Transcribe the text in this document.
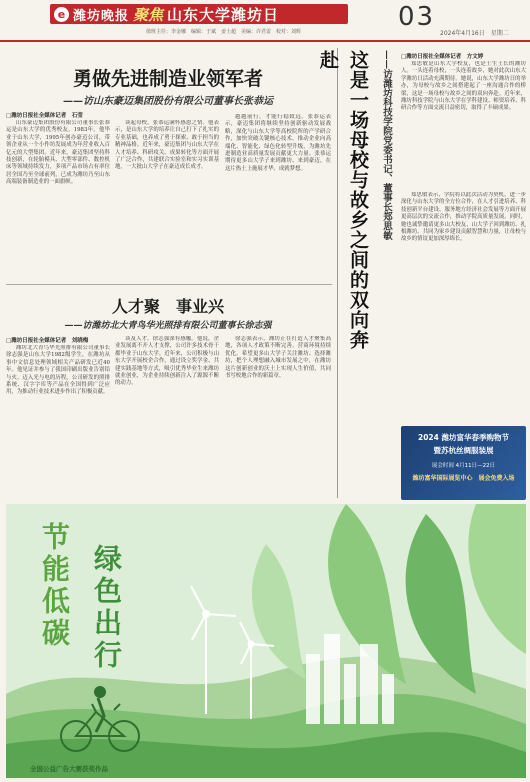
e 潍坊晚报 聚焦 山东大学潍坊日
值班主任：李金娜　编辑：于斌　姜士超　美编：许君雷　校对：刘辉	03
2024年4月16日　星期二
勇做先进制造业领军者
——访山东豪迈集团股份有限公司董事长张恭运
□潍坊日报社全媒体记者　石莹

山东豪迈集团股份有限公司董事长张恭运是山东大学的优秀校友。1983年，他毕业于山东大学，1995年创办豪迈公司，带领企业从一个小作坊发展成为年营业收入百亿元的大型集团。近年来，豪迈集团坚持科技创新，在轮胎模具、大型零部件、数控机床等领域持续发力，多项产品市场占有率位居全国乃至全球前列，已成为潍坊乃至山东高端装备制造业的一面旗帜。

谈起母校，张恭运满怀感恩之情。他表示，是山东大学的培养让自己打下了扎实的专业基础，也养成了勇于探索、敢于担当的精神品格。近年来，豪迈集团与山东大学在人才培养、科研攻关、成果转化等方面开展了广泛合作，共建联合实验室和实习实训基地，一大批山大学子在豪迈成长成才。

越越前行，才能行稳致远。张恭运表示，豪迈集团将继续坚持创新驱动发展战略，深化与山东大学等高校院所的产学研合作，加快突破关键核心技术，推动企业向高端化、智能化、绿色化转型升级，为潍坊先进制造业高质量发展贡献更大力量。张恭运期待更多山大学子来到潍坊、来到豪迈，在这片热土上施展才华、成就梦想。

人才聚　事业兴
——访潍坊北大青鸟华光照排有限公司董事长徐志强
□潍坊日报社全媒体记者　刘晓梅

潍坊北大青鸟华光照排有限公司董事长徐志强是山东大学1982级学生，在潍坊从事中文信息处理领域相关产品研发已近40年。他见证并参与了我国印刷出版业告别铅与火、迈入光与电的历程，公司研发的照排系统、汉字字库等产品在全国得到广泛应用，为推动行业技术进步作出了积极贡献。

谈及人才，徐志强深有感触。他说，企业发展离不开人才支撑，公司许多技术骨干都毕业于山东大学。近年来，公司积极与山东大学开展校企合作，通过设立奖学金、共建实践基地等方式，吸引优秀毕业生来潍坊就业创业，为企业持续创新注入了源源不断的动力。

徐志强表示，潍坊正在打造人才聚集高地，各项人才政策不断完善，营商环境持续优化。希望更多山大学子关注潍坊、选择潍坊，把个人理想融入城市发展之中，在潍坊这片创新创业的沃土上实现人生价值，共同书写校地合作的新篇章。

这是一场母校与故乡之间的双向奔赴	——访潍坊科技学院党委书记、董事长郑思敏	□潍坊日报社全媒体记者　方文婷

郑思敏是山东大学校友，也是土生土长的潍坊人。一头连着母校，一头连着故乡，她对此次山东大学潍坊日活动充满期待。她说，山东大学潍坊日的举办，为母校与故乡之间搭建起了一座沟通合作的桥梁，这是一场母校与故乡之间的双向奔赴。近年来，潍坊科技学院与山东大学在学科建设、师资培养、科研合作等方面交流日益密切，取得了丰硕成果。

郑思敏表示，学院将以此次活动为契机，进一步深化与山东大学的全方位合作，在人才引进培养、科技创新平台建设、服务地方经济社会发展等方面开展更高层次的交流合作，推动学院高质量发展。同时，她也诚挚邀请更多山大校友、山大学子回到潍坊、扎根潍坊，共同为家乡建设贡献智慧和力量，让母校与故乡的情谊更加深厚绵长。

2024 潍坊富华春季购物节
暨苏杭丝绸服装展
展会时间 4月11日—22日
潍坊富华国际展览中心　展会免费入场
节能低碳 绿色出行
全国公益广告大赛获奖作品
